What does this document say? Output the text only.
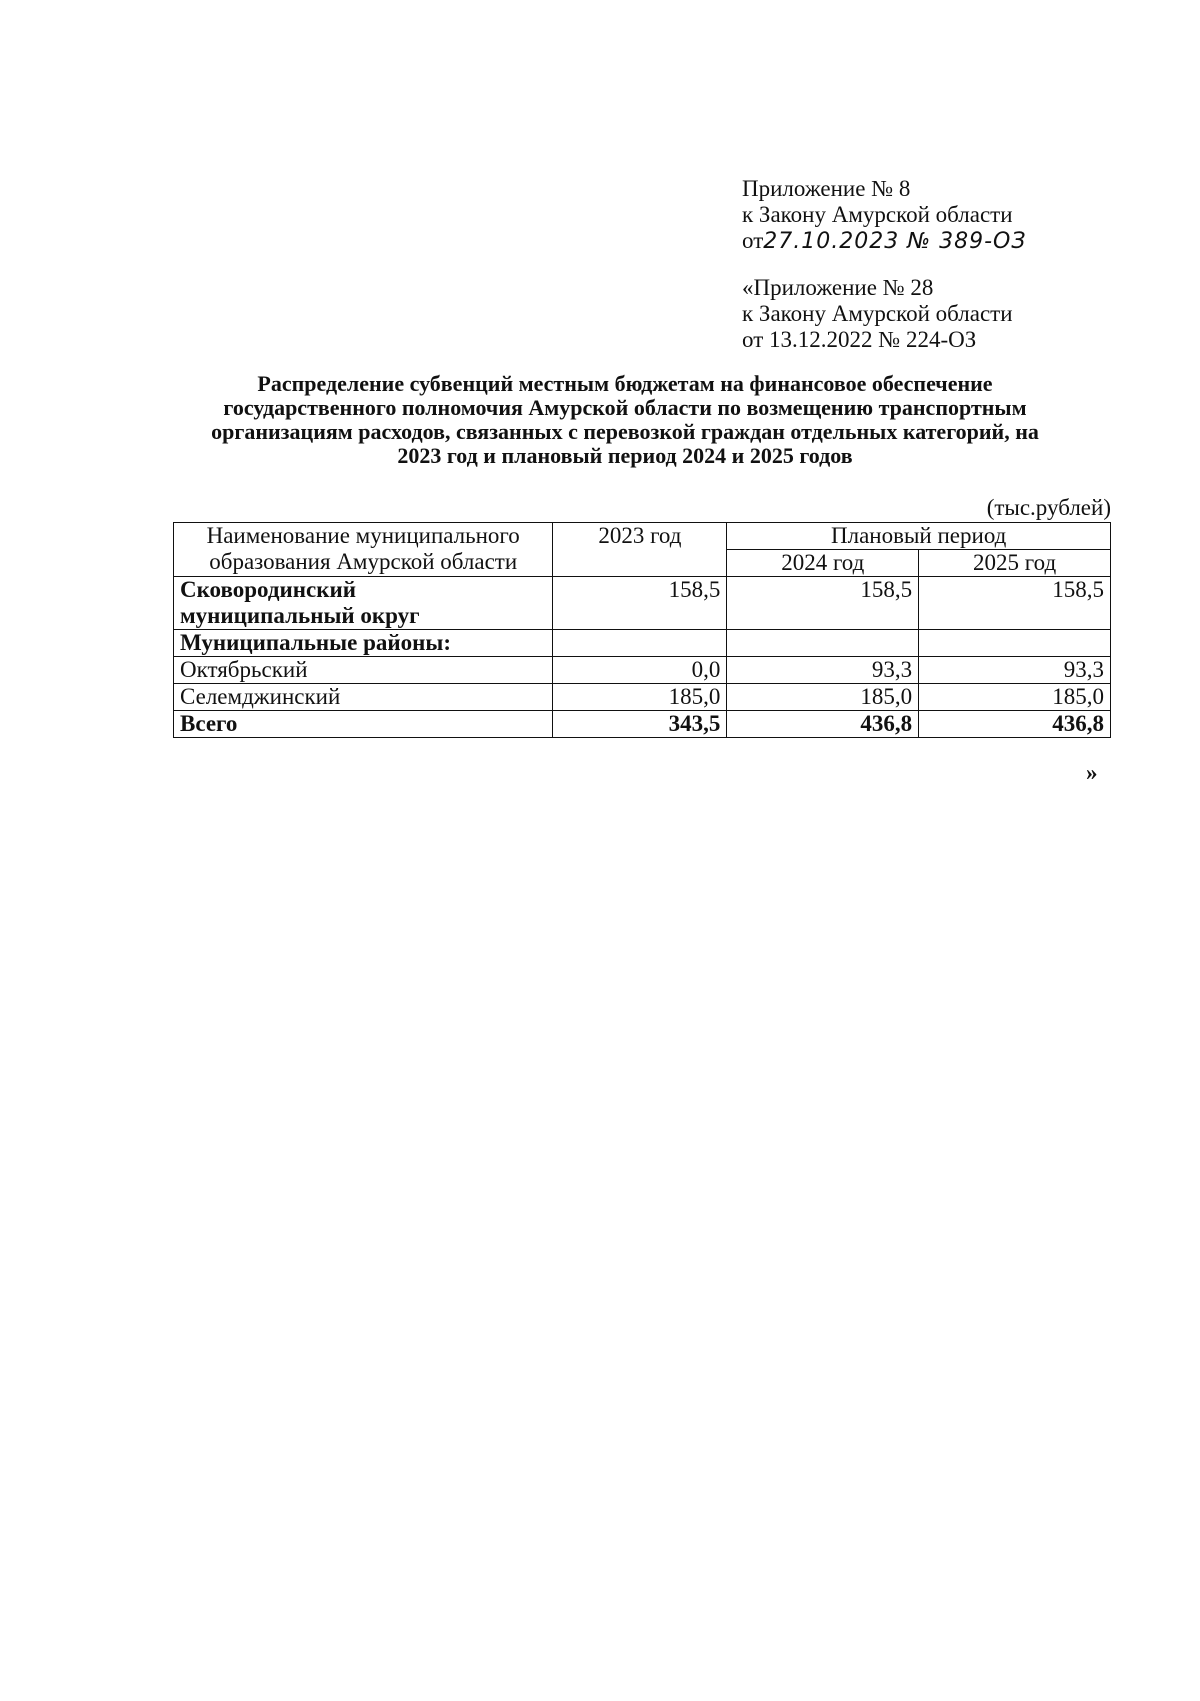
Приложение № 8
к Закону Амурской области
от27.10.2023 № 389-ОЗ
«Приложение № 28
к Закону Амурской области
от 13.12.2022 № 224-ОЗ
Распределение субвенций местным бюджетам на финансовое обеспечение
государственного полномочия Амурской области по возмещению транспортным
организациям расходов, связанных с перевозкой граждан отдельных категорий, на
2023 год и плановый период 2024 и 2025 годов
(тыс.рублей)
Наименование муниципального
образования Амурской области	2023 год	Плановый период	
		2024 год	2025 год

Сковородинский
муниципальный округ	158,5	158,5	158,5
Муниципальные районы:			
Октябрьский	0,0	93,3	93,3
Селемджинский	185,0	185,0	185,0
Всего	343,5	436,8	436,8
»
